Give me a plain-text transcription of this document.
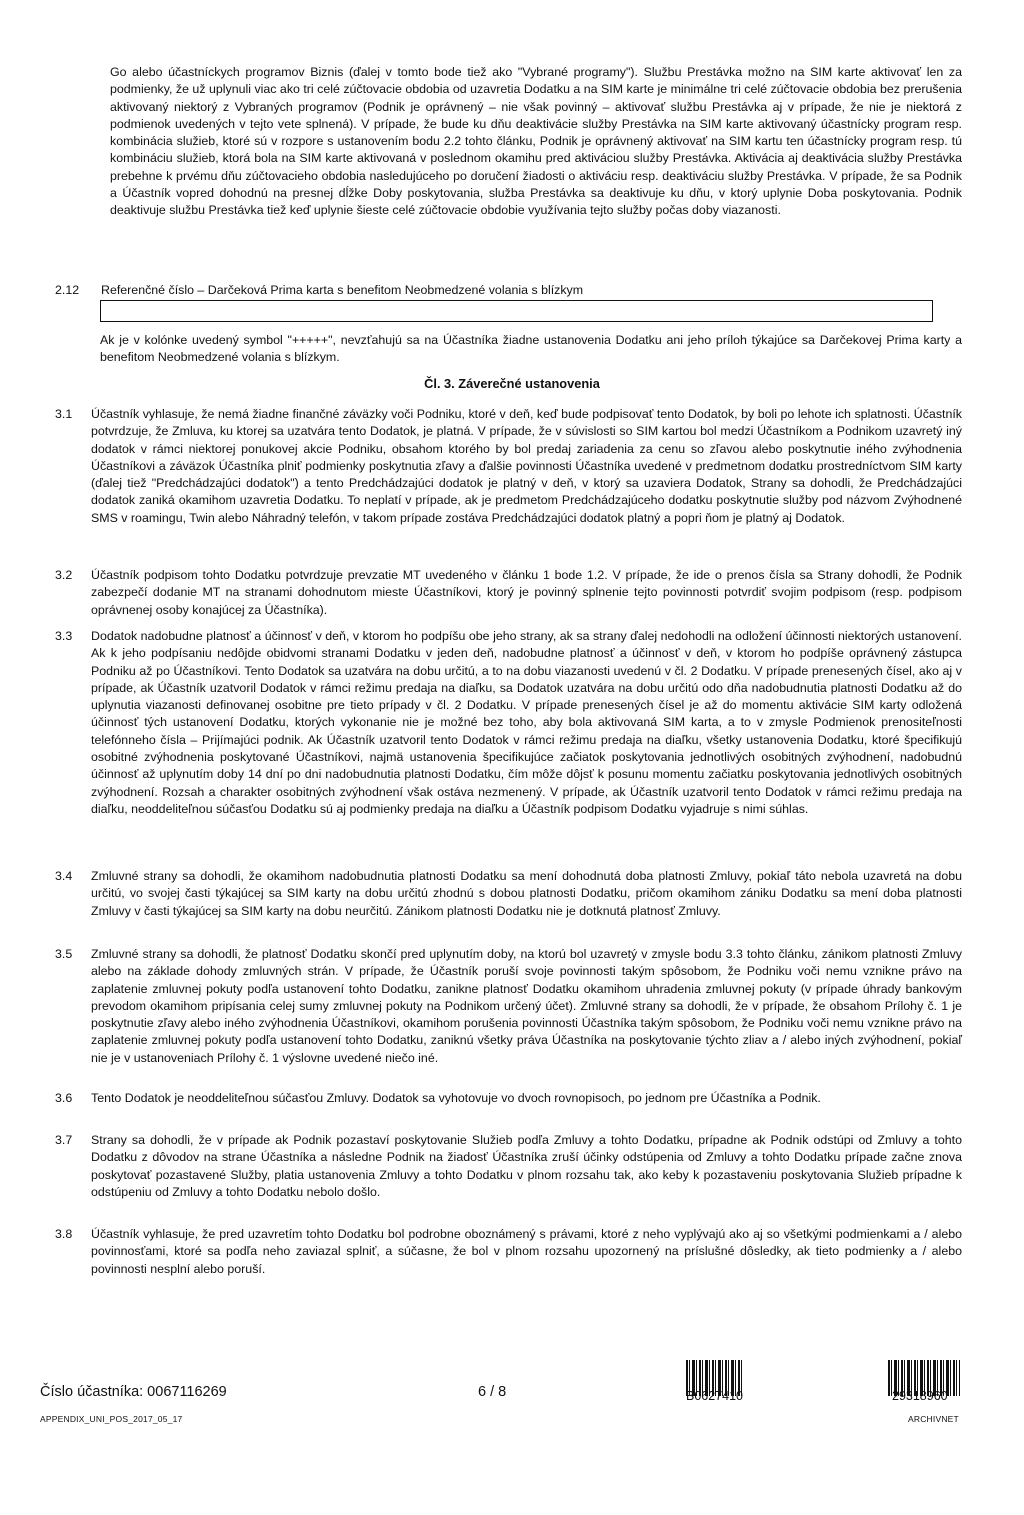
Go alebo účastníckych programov Biznis (ďalej v tomto bode tiež ako "Vybrané programy"). Službu Prestávka možno na SIM karte aktivovať len za podmienky, že už uplynuli viac ako tri celé zúčtovacie obdobia od uzavretia Dodatku a na SIM karte je minimálne tri celé zúčtovacie obdobia bez prerušenia aktivovaný niektorý z Vybraných programov (Podnik je oprávnený – nie však povinný – aktivovať službu Prestávka aj v prípade, že nie je niektorá z podmienok uvedených v tejto vete splnená). V prípade, že bude ku dňu deaktivácie služby Prestávka na SIM karte aktivovaný účastnícky program resp. kombinácia služieb, ktoré sú v rozpore s ustanovením bodu 2.2 tohto článku, Podnik je oprávnený aktivovať na SIM kartu ten účastnícky program resp. tú kombináciu služieb, ktorá bola na SIM karte aktivovaná v poslednom okamihu pred aktiváciou služby Prestávka. Aktivácia aj deaktivácia služby Prestávka prebehne k prvému dňu zúčtovacieho obdobia nasledujúceho po doručení žiadosti o aktiváciu resp. deaktiváciu služby Prestávka. V prípade, že sa Podnik a Účastník vopred dohodnú na presnej dĺžke Doby poskytovania, služba Prestávka sa deaktivuje ku dňu, v ktorý uplynie Doba poskytovania. Podnik deaktivuje službu Prestávka tiež keď uplynie šieste celé zúčtovacie obdobie využívania tejto služby počas doby viazanosti.

2.12	Referenčné číslo – Darčeková Prima karta s benefitom Neobmedzené volania s blízkym

Ak je v kolónke uvedený symbol "+++++", nevzťahujú sa na Účastníka žiadne ustanovenia Dodatku ani jeho príloh týkajúce sa Darčekovej Prima karty a benefitom Neobmedzené volania s blízkym.

Čl. 3. Záverečné ustanovenia
3.1	Účastník vyhlasuje, že nemá žiadne finančné záväzky voči Podniku, ktoré v deň, keď bude podpisovať tento Dodatok, by boli po lehote ich splatnosti. Účastník potvrdzuje, že Zmluva, ku ktorej sa uzatvára tento Dodatok, je platná. V prípade, že v súvislosti so SIM kartou bol medzi Účastníkom a Podnikom uzavretý iný dodatok v rámci niektorej ponukovej akcie Podniku, obsahom ktorého by bol predaj zariadenia za cenu so zľavou alebo poskytnutie iného zvýhodnenia Účastníkovi a záväzok Účastníka plniť podmienky poskytnutia zľavy a ďalšie povinnosti Účastníka uvedené v predmetnom dodatku prostredníctvom SIM karty (ďalej tiež "Predchádzajúci dodatok") a tento Predchádzajúci dodatok je platný v deň, v ktorý sa uzaviera Dodatok, Strany sa dohodli, že Predchádzajúci dodatok zaniká okamihom uzavretia Dodatku. To neplatí v prípade, ak je predmetom Predchádzajúceho dodatku poskytnutie služby pod názvom Zvýhodnené SMS v roamingu, Twin alebo Náhradný telefón, v takom prípade zostáva Predchádzajúci dodatok platný a popri ňom je platný aj Dodatok.

3.2	Účastník podpisom tohto Dodatku potvrdzuje prevzatie MT uvedeného v článku 1 bode 1.2. V prípade, že ide o prenos čísla sa Strany dohodli, že Podnik zabezpečí dodanie MT na stranami dohodnutom mieste Účastníkovi, ktorý je povinný splnenie tejto povinnosti potvrdiť svojim podpisom (resp. podpisom oprávnenej osoby konajúcej za Účastníka).

3.3	Dodatok nadobudne platnosť a účinnosť v deň, v ktorom ho podpíšu obe jeho strany, ak sa strany ďalej nedohodli na odložení účinnosti niektorých ustanovení. Ak k jeho podpísaniu nedôjde obidvomi stranami Dodatku v jeden deň, nadobudne platnosť a účinnosť v deň, v ktorom ho podpíše oprávnený zástupca Podniku až po Účastníkovi. Tento Dodatok sa uzatvára na dobu určitú, a to na dobu viazanosti uvedenú v čl. 2 Dodatku. V prípade prenesených čísel, ako aj v prípade, ak Účastník uzatvoril Dodatok v rámci režimu predaja na diaľku, sa Dodatok uzatvára na dobu určitú odo dňa nadobudnutia platnosti Dodatku až do uplynutia viazanosti definovanej osobitne pre tieto prípady v čl. 2 Dodatku. V prípade prenesených čísel je až do momentu aktivácie SIM karty odložená účinnosť tých ustanovení Dodatku, ktorých vykonanie nie je možné bez toho, aby bola aktivovaná SIM karta, a to v zmysle Podmienok prenositeľnosti telefónneho čísla – Prijímajúci podnik. Ak Účastník uzatvoril tento Dodatok v rámci režimu predaja na diaľku, všetky ustanovenia Dodatku, ktoré špecifikujú osobitné zvýhodnenia poskytované Účastníkovi, najmä ustanovenia špecifikujúce začiatok poskytovania jednotlivých osobitných zvýhodnení, nadobudnú účinnosť až uplynutím doby 14 dní po dni nadobudnutia platnosti Dodatku, čím môže dôjsť k posunu momentu začiatku poskytovania jednotlivých osobitných zvýhodnení. Rozsah a charakter osobitných zvýhodnení však ostáva nezmenený. V prípade, ak Účastník uzatvoril tento Dodatok v rámci režimu predaja na diaľku, neoddeliteľnou súčasťou Dodatku sú aj podmienky predaja na diaľku a Účastník podpisom Dodatku vyjadruje s nimi súhlas.

3.4	Zmluvné strany sa dohodli, že okamihom nadobudnutia platnosti Dodatku sa mení dohodnutá doba platnosti Zmluvy, pokiaľ táto nebola uzavretá na dobu určitú, vo svojej časti týkajúcej sa SIM karty na dobu určitú zhodnú s dobou platnosti Dodatku, pričom okamihom zániku Dodatku sa mení doba platnosti Zmluvy v časti týkajúcej sa SIM karty na dobu neurčitú. Zánikom platnosti Dodatku nie je dotknutá platnosť Zmluvy.

3.5	Zmluvné strany sa dohodli, že platnosť Dodatku skončí pred uplynutím doby, na ktorú bol uzavretý v zmysle bodu 3.3 tohto článku, zánikom platnosti Zmluvy alebo na základe dohody zmluvných strán. V prípade, že Účastník poruší svoje povinnosti takým spôsobom, že Podniku voči nemu vznikne právo na zaplatenie zmluvnej pokuty podľa ustanovení tohto Dodatku, zanikne platnosť Dodatku okamihom uhradenia zmluvnej pokuty (v prípade úhrady bankovým prevodom okamihom pripísania celej sumy zmluvnej pokuty na Podnikom určený účet). Zmluvné strany sa dohodli, že v prípade, že obsahom Prílohy č. 1 je poskytnutie zľavy alebo iného zvýhodnenia Účastníkovi, okamihom porušenia povinnosti Účastníka takým spôsobom, že Podniku voči nemu vznikne právo na zaplatenie zmluvnej pokuty podľa ustanovení tohto Dodatku, zaniknú všetky práva Účastníka na poskytovanie týchto zliav a / alebo iných zvýhodnení, pokiaľ nie je v ustanoveniach Prílohy č. 1 výslovne uvedené niečo iné.

3.6	Tento Dodatok je neoddeliteľnou súčasťou Zmluvy. Dodatok sa vyhotovuje vo dvoch rovnopisoch, po jednom pre Účastníka a Podnik.

3.7	Strany sa dohodli, že v prípade ak Podnik pozastaví poskytovanie Služieb podľa Zmluvy a tohto Dodatku, prípadne ak Podnik odstúpi od Zmluvy a tohto Dodatku z dôvodov na strane Účastníka a následne Podnik na žiadosť Účastníka zruší účinky odstúpenia od Zmluvy a tohto Dodatku prípade začne znova poskytovať pozastavené Služby, platia ustanovenia Zmluvy a tohto Dodatku v plnom rozsahu tak, ako keby k pozastaveniu poskytovania Služieb prípadne k odstúpeniu od Zmluvy a tohto Dodatku nebolo došlo.

3.8	Účastník vyhlasuje, že pred uzavretím tohto Dodatku bol podrobne oboznámený s právami, ktoré z neho vyplývajú ako aj so všetkými podmienkami a / alebo povinnosťami, ktoré sa podľa neho zaviazal splniť, a súčasne, že bol v plnom rozsahu upozornený na príslušné dôsledky, ak tieto podmienky a / alebo povinnosti nesplní alebo poruší.

Číslo účastníka: 0067116269	6 / 8	B0627410	29318960
APPENDIX_UNI_POS_2017_05_17	ARCHIVNET
